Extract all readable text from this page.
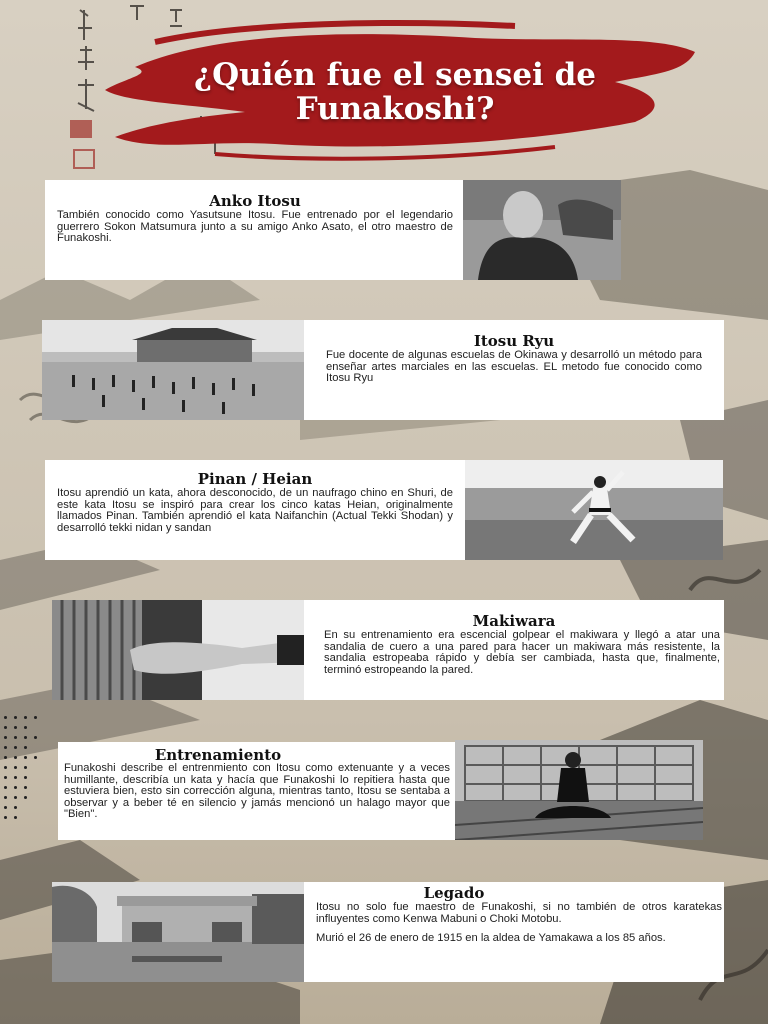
¿Quién fue el sensei de Funakoshi?
Anko Itosu

También conocido como Yasutsune Itosu. Fue entrenado por el legendario guerrero Sokon Matsumura junto a su amigo Anko Asato, el otro maestro de Funakoshi.

Itosu Ryu

Fue docente de algunas escuelas de Okinawa y desarrolló un método para enseñar artes marciales en las escuelas. EL metodo fue conocido como Itosu Ryu

Pinan / Heian

Itosu aprendió un kata, ahora desconocido, de un naufrago chino en Shuri, de este kata Itosu se inspiró para crear los cinco katas Heian, originalmente llamados Pinan. También aprendió el kata Naifanchin (Actual Tekki Shodan) y desarrolló tekki nidan y sandan

Makiwara

En su entrenamiento era escencial golpear el makiwara y llegó a atar una sandalia de cuero a una pared para hacer un makiwara más resistente, la sandalia estropeaba rápido y debía ser cambiada, hasta que, finalmente, terminó estropeando la pared.

Entrenamiento

Funakoshi describe el entrenmiento con Itosu como extenuante y a veces humillante, describía un kata y hacía que Funakoshi lo repitiera hasta que estuviera bien, esto sin corrección alguna, mientras tanto, Itosu se sentaba a observar y a beber té en silencio y jamás mencionó un halago mayor que "Bien".

Legado

Itosu no solo fue maestro de Funakoshi, si no también de otros karatekas influyentes como Kenwa Mabuni o Choki Motobu.

Murió el 26 de enero de 1915 en la aldea de Yamakawa a los 85 años.
